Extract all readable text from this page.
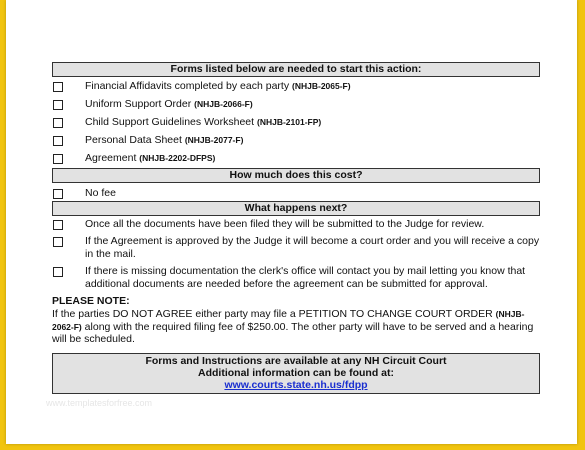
Forms listed below are needed to start this action:
Financial Affidavits completed by each party (NHJB-2065-F)
Uniform Support Order (NHJB-2066-F)
Child Support Guidelines Worksheet (NHJB-2101-FP)
Personal Data Sheet (NHJB-2077-F)
Agreement (NHJB-2202-DFPS)
How much does this cost?
No fee
What happens next?
Once all the documents have been filed they will be submitted to the Judge for review.
If the Agreement is approved by the Judge it will become a court order and you will receive a copy in the mail.
If there is missing documentation the clerk's office will contact you by mail letting you know that additional documents are needed before the agreement can be submitted for approval.
PLEASE NOTE:
If the parties DO NOT AGREE either party may file a PETITION TO CHANGE COURT ORDER (NHJB-2062-F) along with the required filing fee of $250.00. The other party will have to be served and a hearing will be scheduled.
Forms and Instructions are available at any NH Circuit Court
Additional information can be found at:
www.courts.state.nh.us/fdpp
www.templatesforfree.com
